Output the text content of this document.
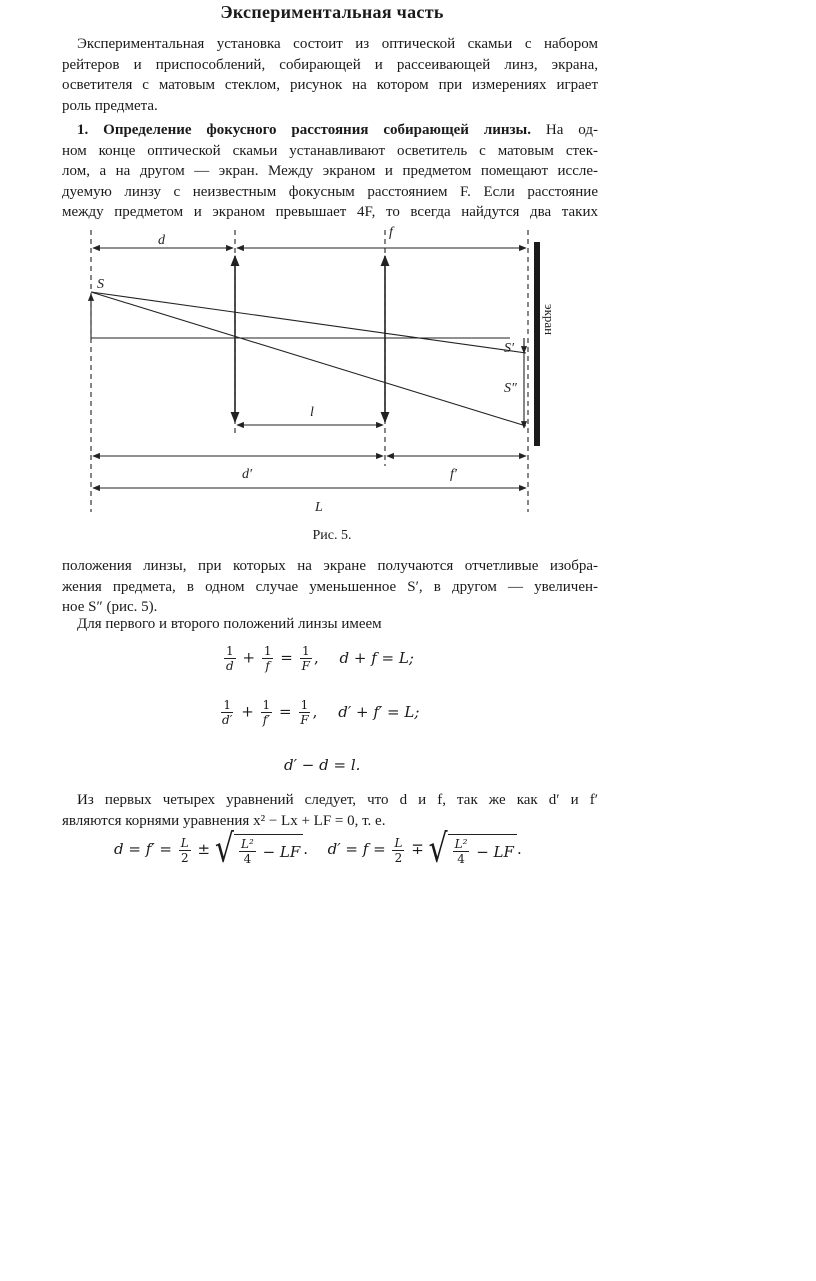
Экспериментальная часть
Экспериментальная установка состоит из оптической скамьи с набором
рейтеров и приспособлений, собирающей и рассеивающей линз, экрана,
осветителя с матовым стеклом, рисунок на котором при измерениях играет
роль предмета.
1. Определение фокусного расстояния собирающей линзы. На од-
ном конце оптической скамьи устанавливают осветитель с матовым стек-
лом, а на другом — экран. Между экраном и предметом помещают иссле-
дуемую линзу с неизвестным фокусным расстоянием F. Если расстояние
между предметом и экраном превышает 4F, то всегда найдутся два таких
Рис. 5.
положения линзы, при которых на экране получаются отчетливые изобра-
жения предмета, в одном случае уменьшенное S′, в другом — увеличен-
ное S″ (рис. 5).
Для первого и второго положений линзы имеем
$\frac{1}{d} + \frac{1}{f} = \frac{1}{F}$ , d + f = L;
$\frac{1}{d'} + \frac{1}{f'} = \frac{1}{F}$ , d′ + f′ = L;
d′ − d = l.
Из первых четырех уравнений следует, что d и f, так же как d′ и f′
являются корнями уравнения x² − Lx + LF = 0, т. е.
$d = f' = \frac{L}{2}$ ± √ $\frac{\text{L²}}{4}$ − LF . $d' = f = \frac{L}{2}$ ∓ √ $\frac{\text{L²}}{4}$ − LF .
d
f
S
S′
S″
l
d′	f′
L
экран
